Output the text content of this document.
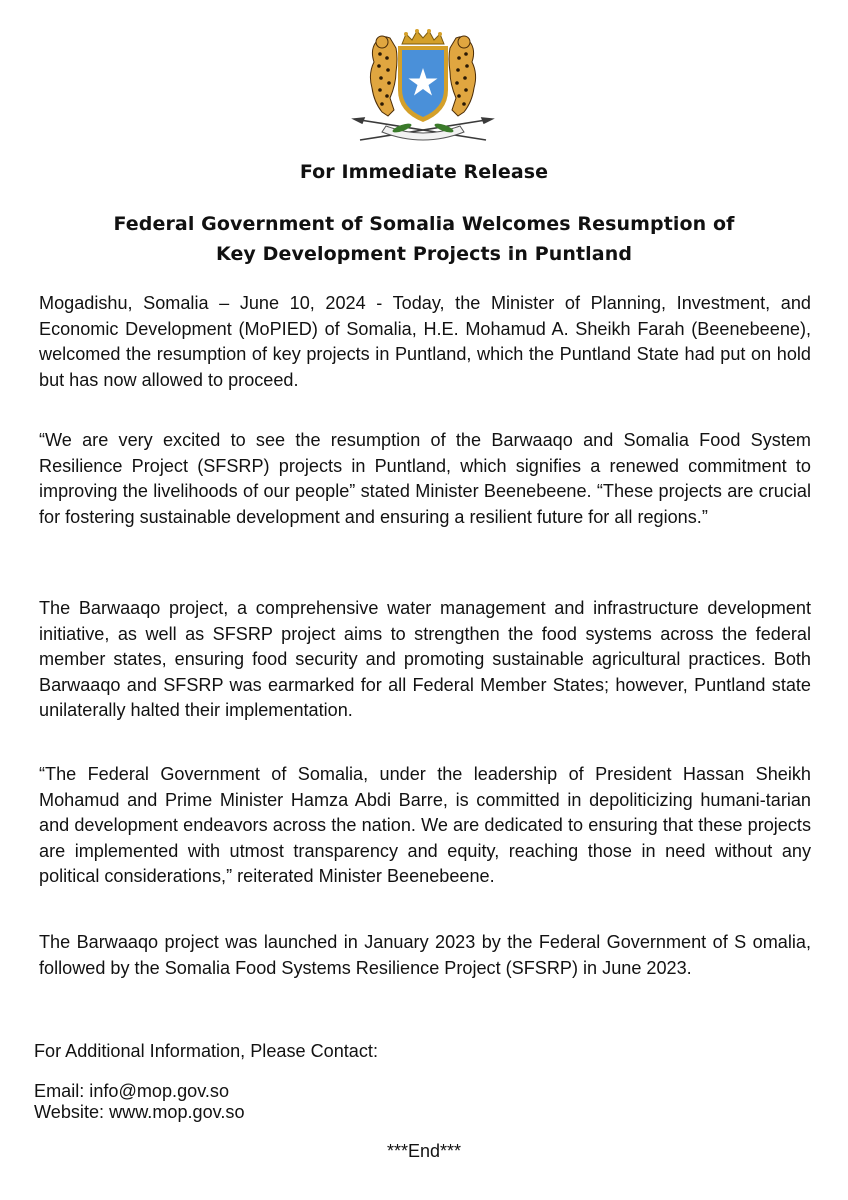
For Immediate Release
Federal Government of Somalia Welcomes Resumption of
Key Development Projects in Puntland

Mogadishu, Somalia – June 10, 2024 - Today, the Minister of Planning, Investment, and Economic Development (MoPIED) of Somalia, H.E. Mohamud A. Sheikh Farah (Beenebeene), welcomed the resumption of key projects in Puntland, which the Puntland State had put on hold but has now allowed to proceed.

“We are very excited to see the resumption of the Barwaaqo and Somalia Food System Resilience Project (SFSRP) projects in Puntland, which signifies a renewed commitment to improving the livelihoods of our people” stated Minister Beenebeene. “These projects are crucial for fostering sustainable development and ensuring a resilient future for all regions.”

The Barwaaqo project, a comprehensive water management and infrastructure development initiative, as well as SFSRP project aims to strengthen the food systems across the federal member states, ensuring food security and promoting sustainable agricultural practices. Both Barwaaqo and SFSRP was earmarked for all Federal Member States; however, Puntland state unilaterally halted their implementation.

“The Federal Government of Somalia, under the leadership of President Hassan Sheikh Mohamud and Prime Minister Hamza Abdi Barre, is committed in depoliticizing humani-tarian and development endeavors across the nation. We are dedicated to ensuring that these projects are implemented with utmost transparency and equity, reaching those in need without any political considerations,” reiterated Minister Beenebeene.

The Barwaaqo project was launched in January 2023 by the Federal Government of S omalia, followed by the Somalia Food Systems Resilience Project (SFSRP) in June 2023.

For Additional Information, Please Contact:
Email: info@mop.gov.so
Website: www.mop.gov.so
***End***
